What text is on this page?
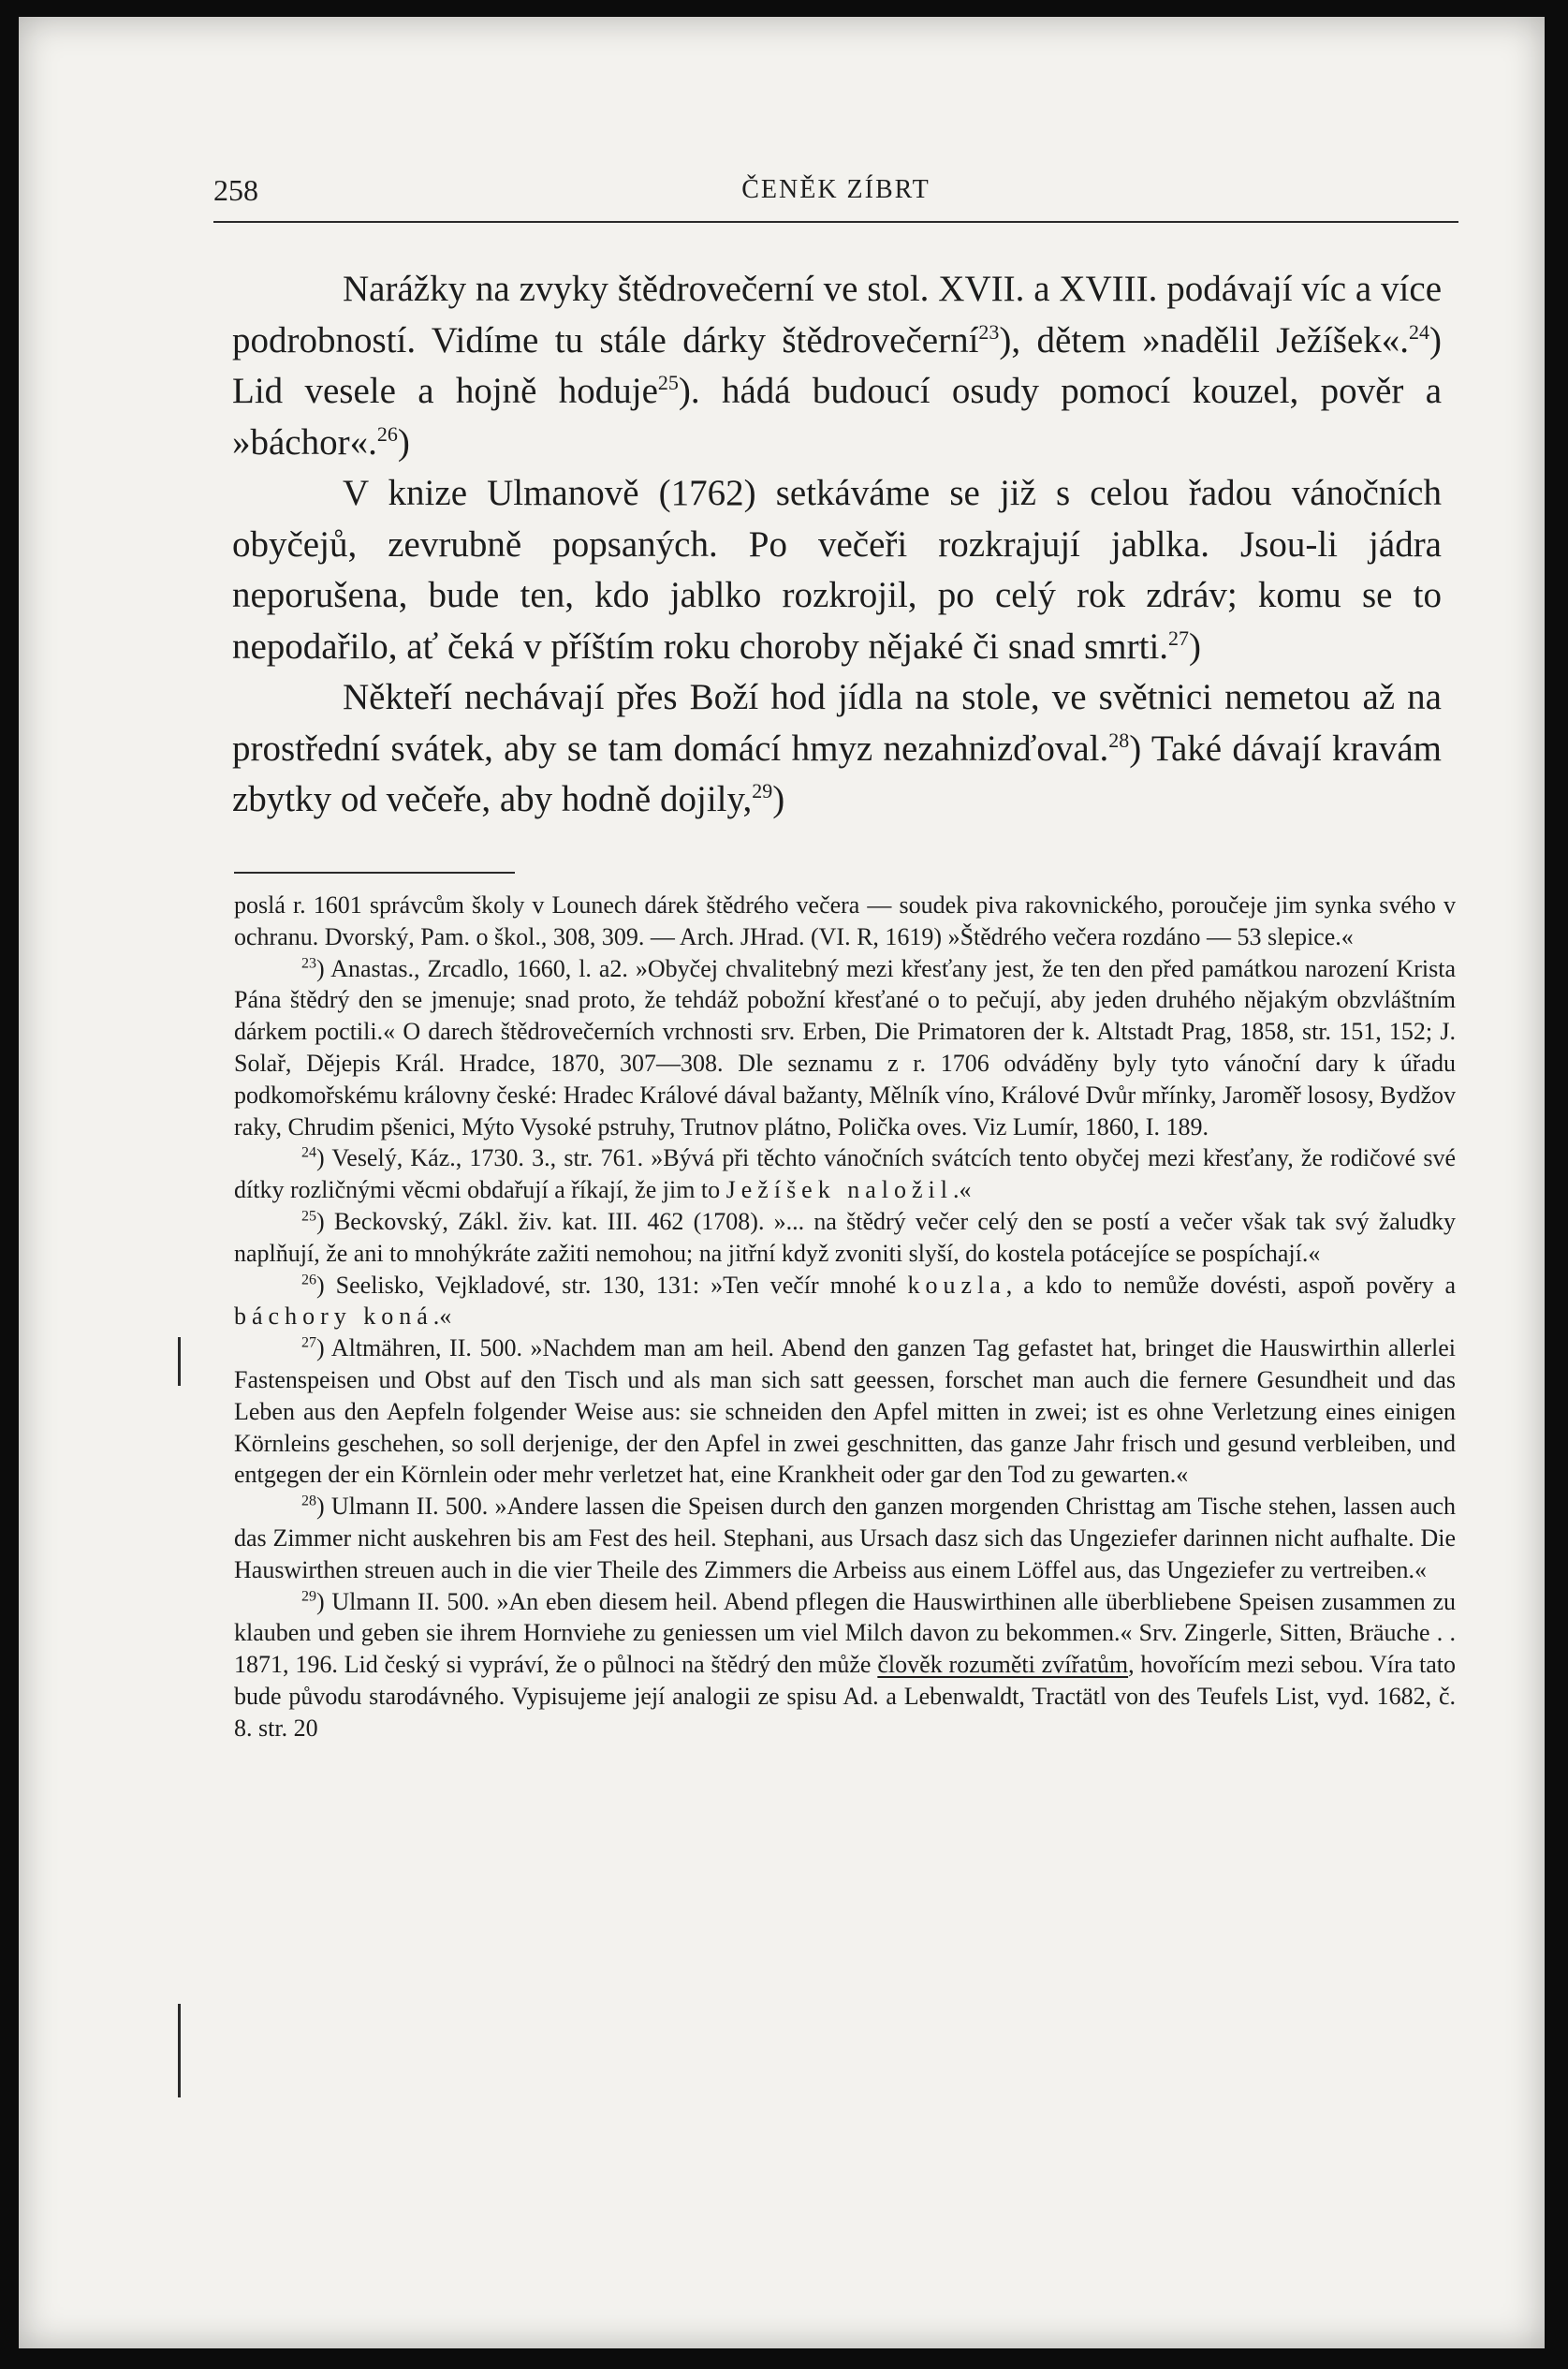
258	ČENĚK ZÍBRT

Narážky na zvyky štědrovečerní ve stol. XVII. a XVIII. podávají víc a více podrobností. Vidíme tu stále dárky štědrovečerní$^{23}$), dětem »nadělil Ježíšek«.$^{24}$) Lid vesele a hojně hoduje$^{25}$). hádá budoucí osudy pomocí kouzel, pověr a »báchor«.$^{26}$)

V knize Ulmanově (1762) setkáváme se již s celou řadou vánočních obyčejů, zevrubně popsaných. Po večeři rozkrajují jablka. Jsou-li jádra neporušena, bude ten, kdo jablko rozkrojil, po celý rok zdráv; komu se to nepodařilo, ať čeká v příštím roku choroby nějaké či snad smrti.$^{27}$)

Někteří nechávají přes Boží hod jídla na stole, ve světnici nemetou až na prostřední svátek, aby se tam domácí hmyz nezahnizďoval.$^{28}$) Také dávají kravám zbytky od večeře, aby hodně dojily,$^{29}$)

poslá r. 1601 správcům školy v Lounech dárek štědrého večera — soudek piva rakovnického, poroučeje jim synka svého v ochranu. Dvorský, Pam. o škol., 308, 309. — Arch. JHrad. (VI. R, 1619) »Štědrého večera rozdáno — 53 slepice.«

$^{23}$) Anastas., Zrcadlo, 1660, l. a2. »Obyčej chvalitebný mezi křesťany jest, že ten den před památkou narození Krista Pána štědrý den se jmenuje; snad proto, že tehdáž pobožní křesťané o to pečují, aby jeden druhého nějakým obzvláštním dárkem poctili.« O darech štědrovečerních vrchnosti srv. Erben, Die Primatoren der k. Altstadt Prag, 1858, str. 151, 152; J. Solař, Dějepis Král. Hradce, 1870, 307—308. Dle seznamu z r. 1706 odváděny byly tyto vánoční dary k úřadu podkomořskému královny české: Hradec Králové dával bažanty, Mělník víno, Králové Dvůr mřínky, Jaroměř lososy, Bydžov raky, Chrudim pšenici, Mýto Vysoké pstruhy, Trutnov plátno, Polička oves. Viz Lumír, 1860, I. 189.

$^{24}$) Veselý, Káz., 1730. 3., str. 761. »Bývá při těchto vánočních svátcích tento obyčej mezi křesťany, že rodičové své dítky rozličnými věcmi obdařují a říkají, že jim to Ježíšek naložil.«

$^{25}$) Beckovský, Zákl. živ. kat. III. 462 (1708). »... na štědrý večer celý den se postí a večer však tak svý žaludky naplňují, že ani to mnohýkráte zažiti nemohou; na jitřní když zvoniti slyší, do kostela potácejíce se pospíchají.«

$^{26}$) Seelisko, Vejkladové, str. 130, 131: »Ten večír mnohé kouzla, a kdo to nemůže dovésti, aspoň pověry a báchory koná.«

$^{27}$) Altmähren, II. 500. »Nachdem man am heil. Abend den ganzen Tag gefastet hat, bringet die Hauswirthin allerlei Fastenspeisen und Obst auf den Tisch und als man sich satt geessen, forschet man auch die fernere Gesundheit und das Leben aus den Aepfeln folgender Weise aus: sie schneiden den Apfel mitten in zwei; ist es ohne Verletzung eines einigen Körnleins geschehen, so soll derjenige, der den Apfel in zwei geschnitten, das ganze Jahr frisch und gesund verbleiben, und entgegen der ein Körnlein oder mehr verletzet hat, eine Krankheit oder gar den Tod zu gewarten.«

$^{28}$) Ulmann II. 500. »Andere lassen die Speisen durch den ganzen morgenden Christtag am Tische stehen, lassen auch das Zimmer nicht auskehren bis am Fest des heil. Stephani, aus Ursach dasz sich das Ungeziefer darinnen nicht aufhalte. Die Hauswirthen streuen auch in die vier Theile des Zimmers die Arbeiss aus einem Löffel aus, das Ungeziefer zu vertreiben.«

$^{29}$) Ulmann II. 500. »An eben diesem heil. Abend pflegen die Hauswirthinen alle überbliebene Speisen zusammen zu klauben und geben sie ihrem Hornviehe zu geniessen um viel Milch davon zu bekommen.« Srv. Zingerle, Sitten, Bräuche . . 1871, 196. Lid český si vypráví, že o půlnoci na štědrý den může člověk rozuměti zvířatům, hovořícím mezi sebou. Víra tato bude původu starodávného. Vypisujeme její analogii ze spisu Ad. a Lebenwaldt, Tractätl von des Teufels List, vyd. 1682, č. 8. str. 20
